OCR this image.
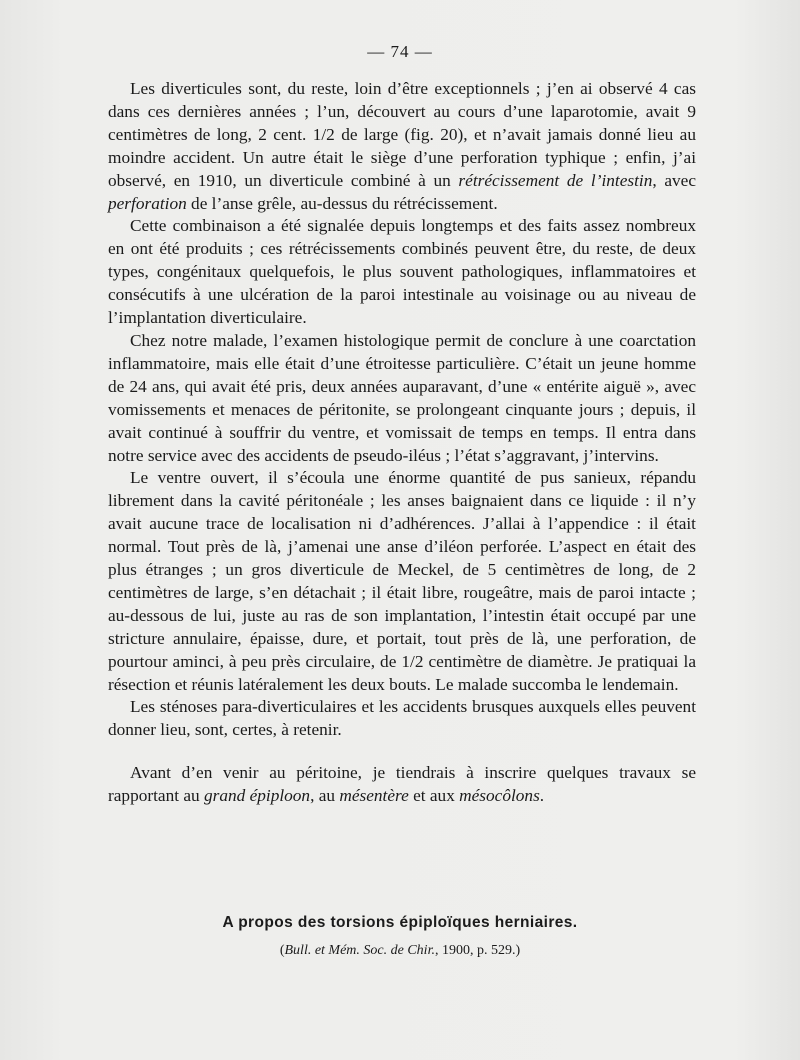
— 74 —

Les diverticules sont, du reste, loin d’être exceptionnels ; j’en ai observé 4 cas dans ces dernières années ; l’un, découvert au cours d’une laparotomie, avait 9 centimètres de long, 2 cent. 1/2 de large (fig. 20), et n’avait jamais donné lieu au moindre accident. Un autre était le siège d’une perforation typhique ; enfin, j’ai observé, en 1910, un diverticule combiné à un rétrécissement de l’intestin, avec perforation de l’anse grêle, au-dessus du rétrécissement.

Cette combinaison a été signalée depuis longtemps et des faits assez nombreux en ont été produits ; ces rétrécissements combinés peuvent être, du reste, de deux types, congénitaux quelquefois, le plus souvent pathologiques, inflammatoires et consécutifs à une ulcération de la paroi intestinale au voisinage ou au niveau de l’implantation diverticulaire.

Chez notre malade, l’examen histologique permit de conclure à une coarctation inflammatoire, mais elle était d’une étroitesse particulière. C’était un jeune homme de 24 ans, qui avait été pris, deux années auparavant, d’une « entérite aiguë », avec vomissements et menaces de péritonite, se prolongeant cinquante jours ; depuis, il avait continué à souffrir du ventre, et vomissait de temps en temps. Il entra dans notre service avec des accidents de pseudo-iléus ; l’état s’aggravant, j’intervins.

Le ventre ouvert, il s’écoula une énorme quantité de pus sanieux, répandu librement dans la cavité péritonéale ; les anses baignaient dans ce liquide : il n’y avait aucune trace de localisation ni d’adhérences. J’allai à l’appendice : il était normal. Tout près de là, j’amenai une anse d’iléon perforée. L’aspect en était des plus étranges ; un gros diverticule de Meckel, de 5 centimètres de long, de 2 centimètres de large, s’en détachait ; il était libre, rougeâtre, mais de paroi intacte ; au-dessous de lui, juste au ras de son implantation, l’intestin était occupé par une stricture annulaire, épaisse, dure, et portait, tout près de là, une perforation, de pourtour aminci, à peu près circulaire, de 1/2 centimètre de diamètre. Je pratiquai la résection et réunis latéralement les deux bouts. Le malade succomba le lendemain.

Les sténoses para-diverticulaires et les accidents brusques auxquels elles peuvent donner lieu, sont, certes, à retenir.

Avant d’en venir au péritoine, je tiendrais à inscrire quelques travaux se rapportant au grand épiploon, au mésentère et aux mésocôlons.

A propos des torsions épiploïques herniaires.
(Bull. et Mém. Soc. de Chir., 1900, p. 529.)
